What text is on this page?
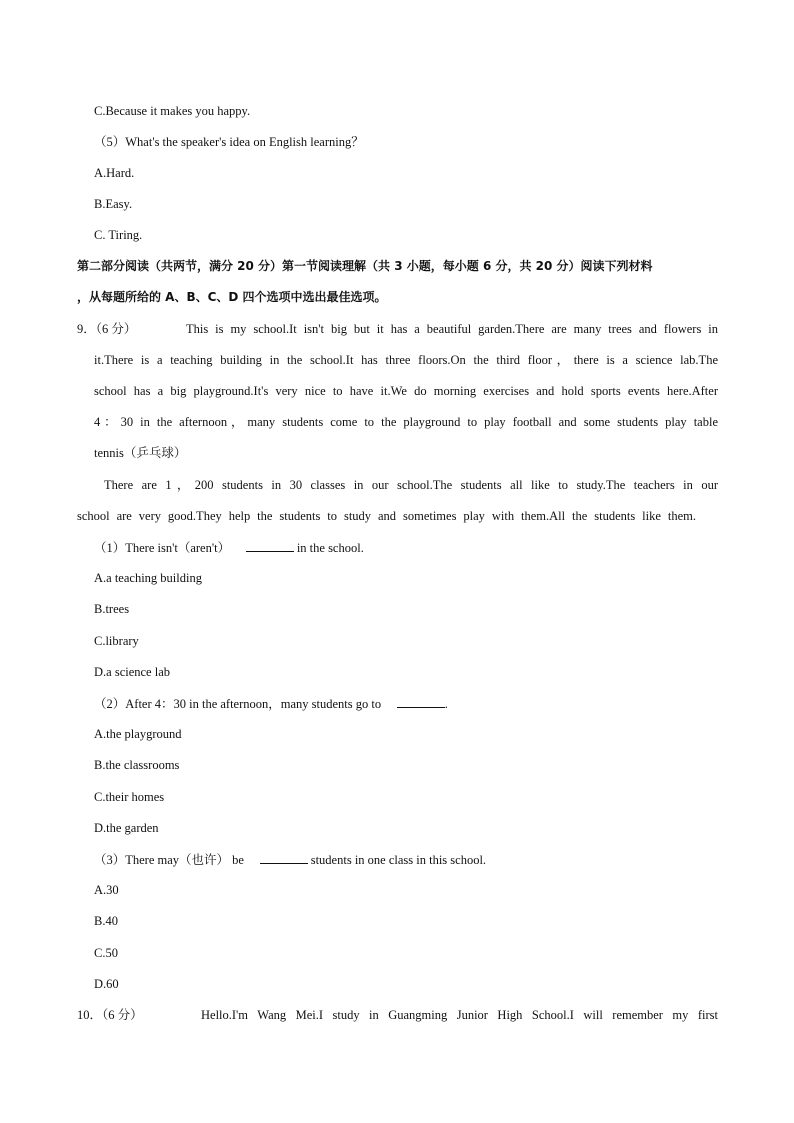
C.Because it makes you happy.
（5）What's the speaker's idea on English learning？
A.Hard.
B.Easy.
C. Tiring.
第二部分阅读（共两节，满分 20 分）第一节阅读理解（共 3 小题，每小题 6 分，共 20 分）阅读下列材料
，从每题所给的 A、B、C、D 四个选项中选出最佳选项。
9．（6 分）	This is my school.It isn't big but it has a beautiful garden.There are many trees and flowers in
it.There is a teaching building in the school.It has three floors.On the third floor，there is a science lab.The
school has a big playground.It's very nice to have it.We do morning exercises and hold sports events here.After
4：30 in the afternoon，many students come to the playground to play football and some students play table
tennis（乒乓球）
There are 1，200 students in 30 classes in our school.The students all like to study.The teachers in our
school are very good.They help the students to study and sometimes play with them.All the students like them.
（1）There isn't（aren't）	in the school.
A.a teaching building
B.trees
C.library
D.a science lab
（2）After 4：30 in the afternoon，many students go to	.
A.the playground
B.the classrooms
C.their homes
D.the garden
（3）There may（也许） be	students in one class in this school.
A.30
B.40
C.50
D.60
10．（6 分）	Hello.I'm Wang Mei.I study in Guangming Junior High School.I will remember my first
